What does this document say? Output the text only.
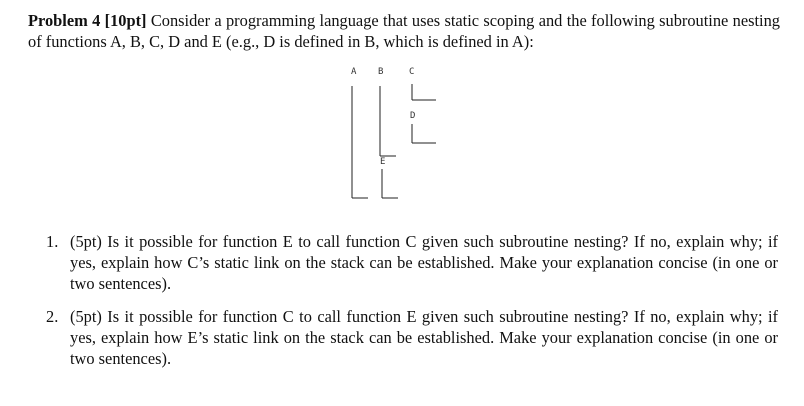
Problem 4 [10pt] Consider a programming language that uses static scoping and the following subroutine nesting of functions A, B, C, D and E (e.g., D is defined in B, which is defined in A):
A B	C
D
E
1. (5pt) Is it possible for function E to call function C given such subroutine nesting? If no, explain why; if yes, explain how C’s static link on the stack can be established. Make your explanation concise (in one or two sentences).
2. (5pt) Is it possible for function C to call function E given such subroutine nesting? If no, explain why; if yes, explain how E’s static link on the stack can be established. Make your explanation concise (in one or two sentences).
